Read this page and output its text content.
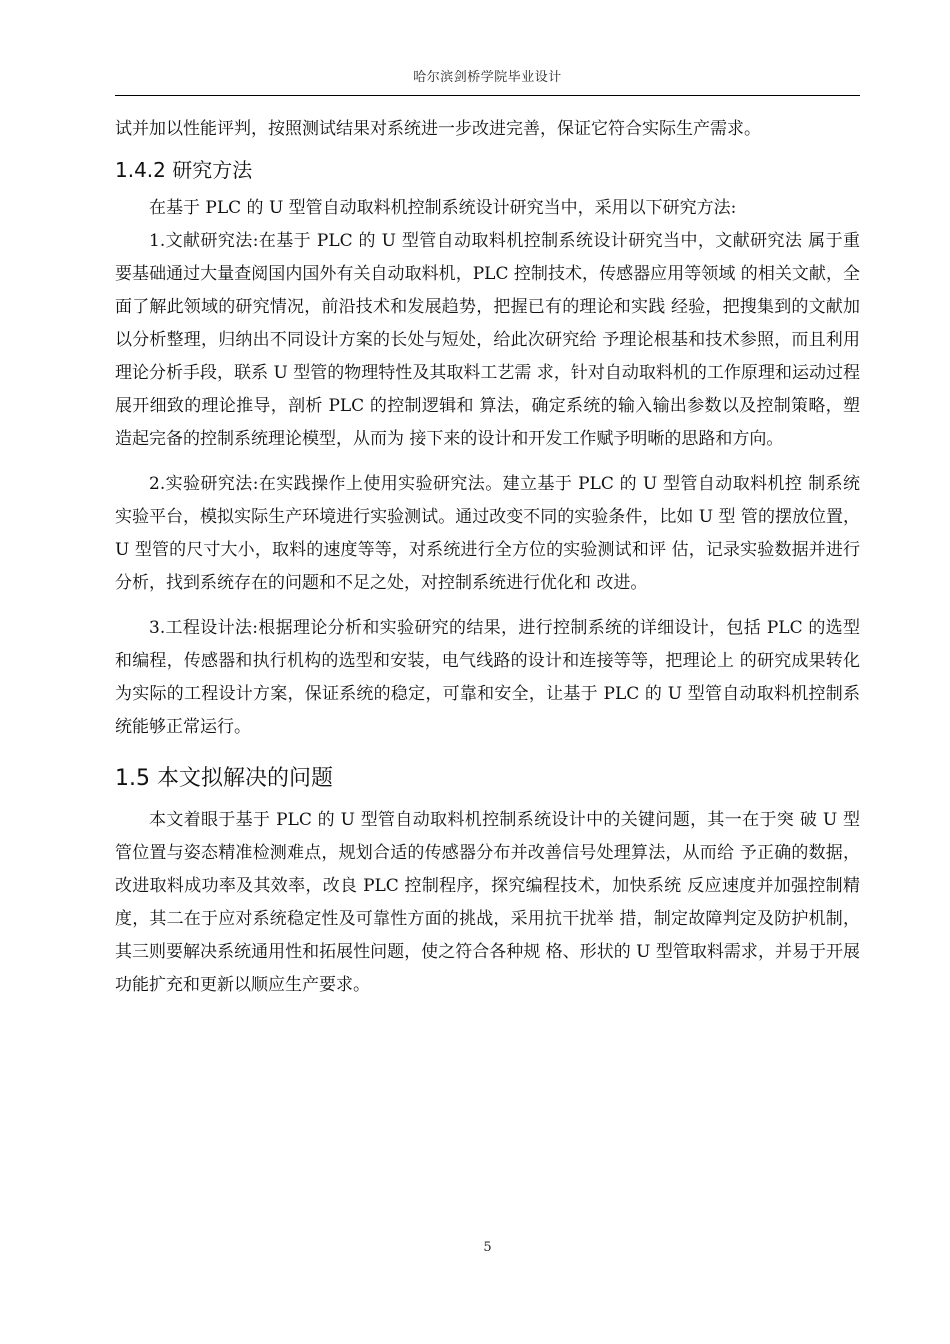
哈尔滨剑桥学院毕业设计

试并加以性能评判，按照测试结果对系统进一步改进完善，保证它符合实际生产需求。

1.4.2 研究方法

在基于 PLC 的 U 型管自动取料机控制系统设计研究当中，采用以下研究方法:

1.文献研究法:在基于 PLC 的 U 型管自动取料机控制系统设计研究当中，文献研究法 属于重要基础通过大量查阅国内国外有关自动取料机，PLC 控制技术，传感器应用等领域 的相关文献，全面了解此领域的研究情况，前沿技术和发展趋势，把握已有的理论和实践 经验，把搜集到的文献加以分析整理，归纳出不同设计方案的长处与短处，给此次研究给 予理论根基和技术参照，而且利用理论分析手段，联系 U 型管的物理特性及其取料工艺需 求，针对自动取料机的工作原理和运动过程展开细致的理论推导，剖析 PLC 的控制逻辑和 算法，确定系统的输入输出参数以及控制策略，塑造起完备的控制系统理论模型，从而为 接下来的设计和开发工作赋予明晰的思路和方向。

2.实验研究法:在实践操作上使用实验研究法。建立基于 PLC 的 U 型管自动取料机控 制系统实验平台，模拟实际生产环境进行实验测试。通过改变不同的实验条件，比如 U 型 管的摆放位置，U 型管的尺寸大小，取料的速度等等，对系统进行全方位的实验测试和评 估，记录实验数据并进行分析，找到系统存在的问题和不足之处，对控制系统进行优化和 改进。

3.工程设计法:根据理论分析和实验研究的结果，进行控制系统的详细设计，包括 PLC 的选型和编程，传感器和执行机构的选型和安装，电气线路的设计和连接等等，把理论上 的研究成果转化为实际的工程设计方案，保证系统的稳定，可靠和安全，让基于 PLC 的 U 型管自动取料机控制系统能够正常运行。

1.5 本文拟解决的问题

本文着眼于基于 PLC 的 U 型管自动取料机控制系统设计中的关键问题，其一在于突 破 U 型管位置与姿态精准检测难点，规划合适的传感器分布并改善信号处理算法，从而给 予正确的数据，改进取料成功率及其效率，改良 PLC 控制程序，探究编程技术，加快系统 反应速度并加强控制精度，其二在于应对系统稳定性及可靠性方面的挑战，采用抗干扰举 措，制定故障判定及防护机制，其三则要解决系统通用性和拓展性问题，使之符合各种规 格、形状的 U 型管取料需求，并易于开展功能扩充和更新以顺应生产要求。

5
